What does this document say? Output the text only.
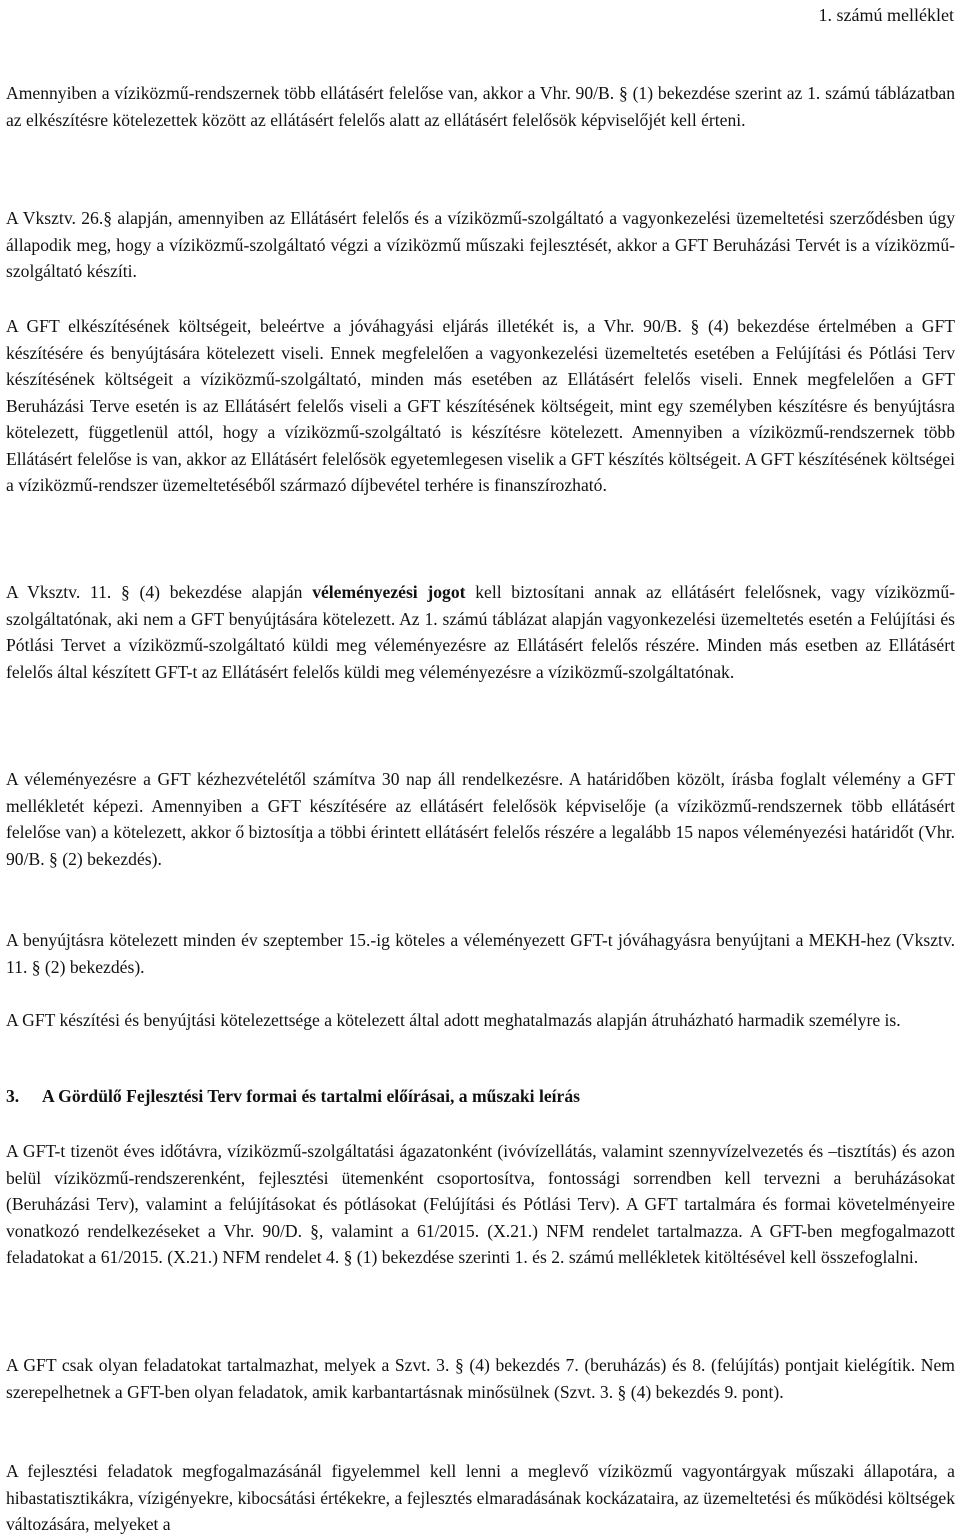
1. számú melléklet

Amennyiben a víziközmű-rendszernek több ellátásért felelőse van, akkor a Vhr. 90/B. § (1) bekezdése szerint az 1. számú táblázatban az elkészítésre kötelezettek között az ellátásért felelős alatt az ellátásért felelősök képviselőjét kell érteni.

A Vksztv. 26.§ alapján, amennyiben az Ellátásért felelős és a víziközmű-szolgáltató a vagyonkezelési üzemeltetési szerződésben úgy állapodik meg, hogy a víziközmű-szolgáltató végzi a víziközmű műszaki fejlesztését, akkor a GFT Beruházási Tervét is a víziközmű-szolgáltató készíti.

A GFT elkészítésének költségeit, beleértve a jóváhagyási eljárás illetékét is, a Vhr. 90/B. § (4) bekezdése értelmében a GFT készítésére és benyújtására kötelezett viseli. Ennek megfelelően a vagyonkezelési üzemeltetés esetében a Felújítási és Pótlási Terv készítésének költségeit a víziközmű-szolgáltató, minden más esetében az Ellátásért felelős viseli. Ennek megfelelően a GFT Beruházási Terve esetén is az Ellátásért felelős viseli a GFT készítésének költségeit, mint egy személyben készítésre és benyújtásra kötelezett, függetlenül attól, hogy a víziközmű-szolgáltató is készítésre kötelezett. Amennyiben a víziközmű-rendszernek több Ellátásért felelőse is van, akkor az Ellátásért felelősök egyetemlegesen viselik a GFT készítés költségeit. A GFT készítésének költségei a víziközmű-rendszer üzemeltetéséből származó díjbevétel terhére is finanszírozható.

A Vksztv. 11. § (4) bekezdése alapján véleményezési jogot kell biztosítani annak az ellátásért felelősnek, vagy víziközmű-szolgáltatónak, aki nem a GFT benyújtására kötelezett. Az 1. számú táblázat alapján vagyonkezelési üzemeltetés esetén a Felújítási és Pótlási Tervet a víziközmű-szolgáltató küldi meg véleményezésre az Ellátásért felelős részére. Minden más esetben az Ellátásért felelős által készített GFT-t az Ellátásért felelős küldi meg véleményezésre a víziközmű-szolgáltatónak.

A véleményezésre a GFT kézhezvételétől számítva 30 nap áll rendelkezésre. A határidőben közölt, írásba foglalt vélemény a GFT mellékletét képezi. Amennyiben a GFT készítésére az ellátásért felelősök képviselője (a víziközmű-rendszernek több ellátásért felelőse van) a kötelezett, akkor ő biztosítja a többi érintett ellátásért felelős részére a legalább 15 napos véleményezési határidőt (Vhr. 90/B. § (2) bekezdés).

A benyújtásra kötelezett minden év szeptember 15.-ig köteles a véleményezett GFT-t jóváhagyásra benyújtani a MEKH-hez (Vksztv. 11. § (2) bekezdés).

A GFT készítési és benyújtási kötelezettsége a kötelezett által adott meghatalmazás alapján átruházható harmadik személyre is.

3. A Gördülő Fejlesztési Terv formai és tartalmi előírásai, a műszaki leírás

A GFT-t tizenöt éves időtávra, víziközmű-szolgáltatási ágazatonként (ivóvízellátás, valamint szennyvízelvezetés és –tisztítás) és azon belül víziközmű-rendszerenként, fejlesztési ütemenként csoportosítva, fontossági sorrendben kell tervezni a beruházásokat (Beruházási Terv), valamint a felújításokat és pótlásokat (Felújítási és Pótlási Terv). A GFT tartalmára és formai követelményeire vonatkozó rendelkezéseket a Vhr. 90/D. §, valamint a 61/2015. (X.21.) NFM rendelet tartalmazza. A GFT-ben megfogalmazott feladatokat a 61/2015. (X.21.) NFM rendelet 4. § (1) bekezdése szerinti 1. és 2. számú mellékletek kitöltésével kell összefoglalni.

A GFT csak olyan feladatokat tartalmazhat, melyek a Szvt. 3. § (4) bekezdés 7. (beruházás) és 8. (felújítás) pontjait kielégítik. Nem szerepelhetnek a GFT-ben olyan feladatok, amik karbantartásnak minősülnek (Szvt. 3. § (4) bekezdés 9. pont).

A fejlesztési feladatok megfogalmazásánál figyelemmel kell lenni a meglevő víziközmű vagyontárgyak műszaki állapotára, a hibastatisztikákra, vízigényekre, kibocsátási értékekre, a fejlesztés elmaradásának kockázataira, az üzemeltetési és működési költségek változására, melyeket a
